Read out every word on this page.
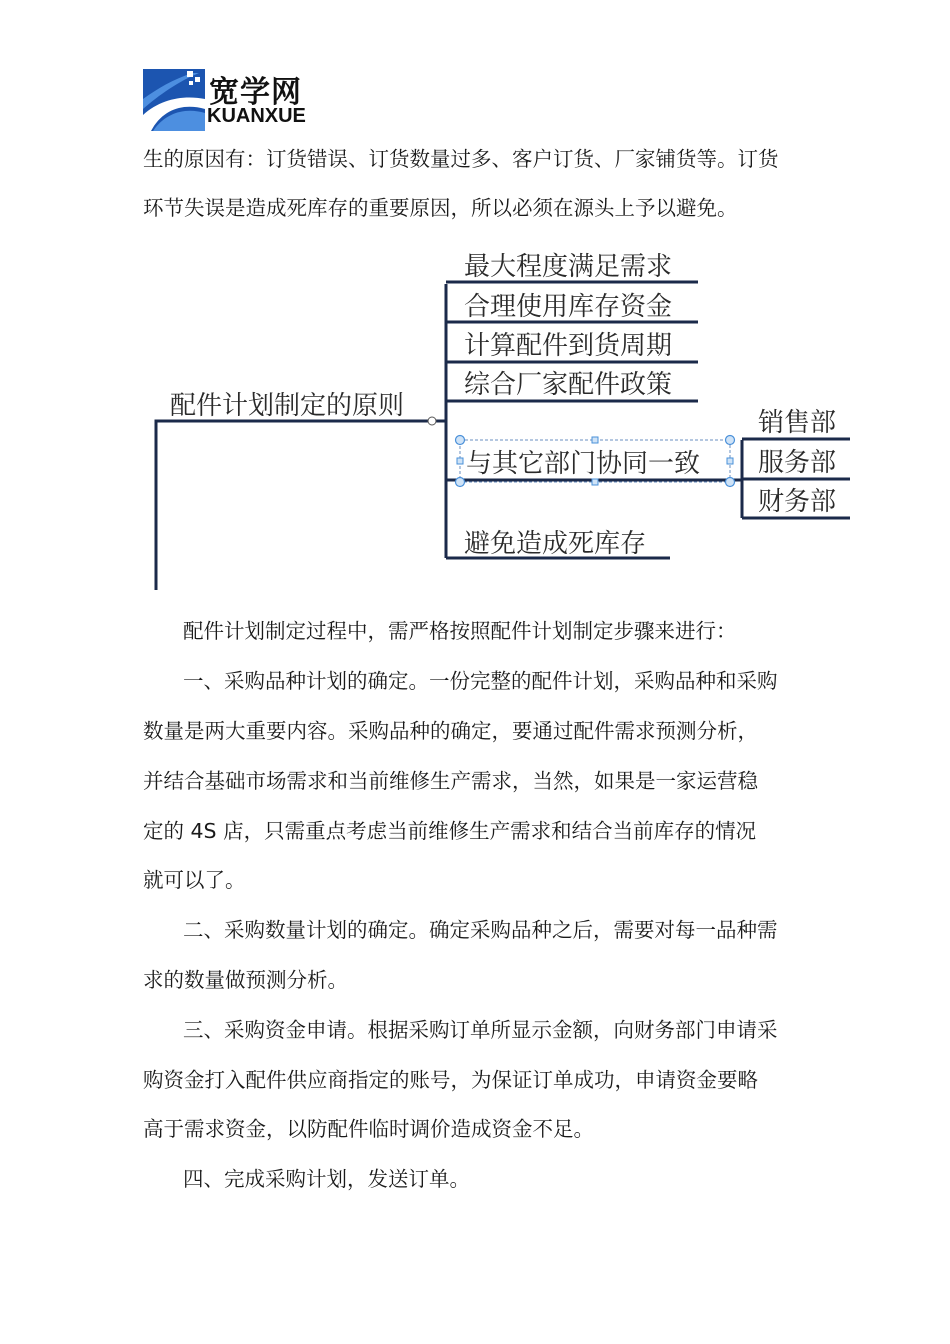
宽学网
KUANXUE
生的原因有：订货错误、订货数量过多、客户订货、厂家铺货等。订货
环节失误是造成死库存的重要原因，所以必须在源头上予以避免。
配件计划制定的原则
最大程度满足需求
合理使用库存资金
计算配件到货周期
综合厂家配件政策
与其它部门协同一致
避免造成死库存
销售部
服务部
财务部
配件计划制定过程中，需严格按照配件计划制定步骤来进行：
一、采购品种计划的确定。一份完整的配件计划，采购品种和采购
数量是两大重要内容。采购品种的确定，要通过配件需求预测分析，
并结合基础市场需求和当前维修生产需求，当然，如果是一家运营稳
定的 4S 店，只需重点考虑当前维修生产需求和结合当前库存的情况
就可以了。
二、采购数量计划的确定。确定采购品种之后，需要对每一品种需
求的数量做预测分析。
三、采购资金申请。根据采购订单所显示金额，向财务部门申请采
购资金打入配件供应商指定的账号，为保证订单成功，申请资金要略
高于需求资金，以防配件临时调价造成资金不足。
四、完成采购计划，发送订单。
